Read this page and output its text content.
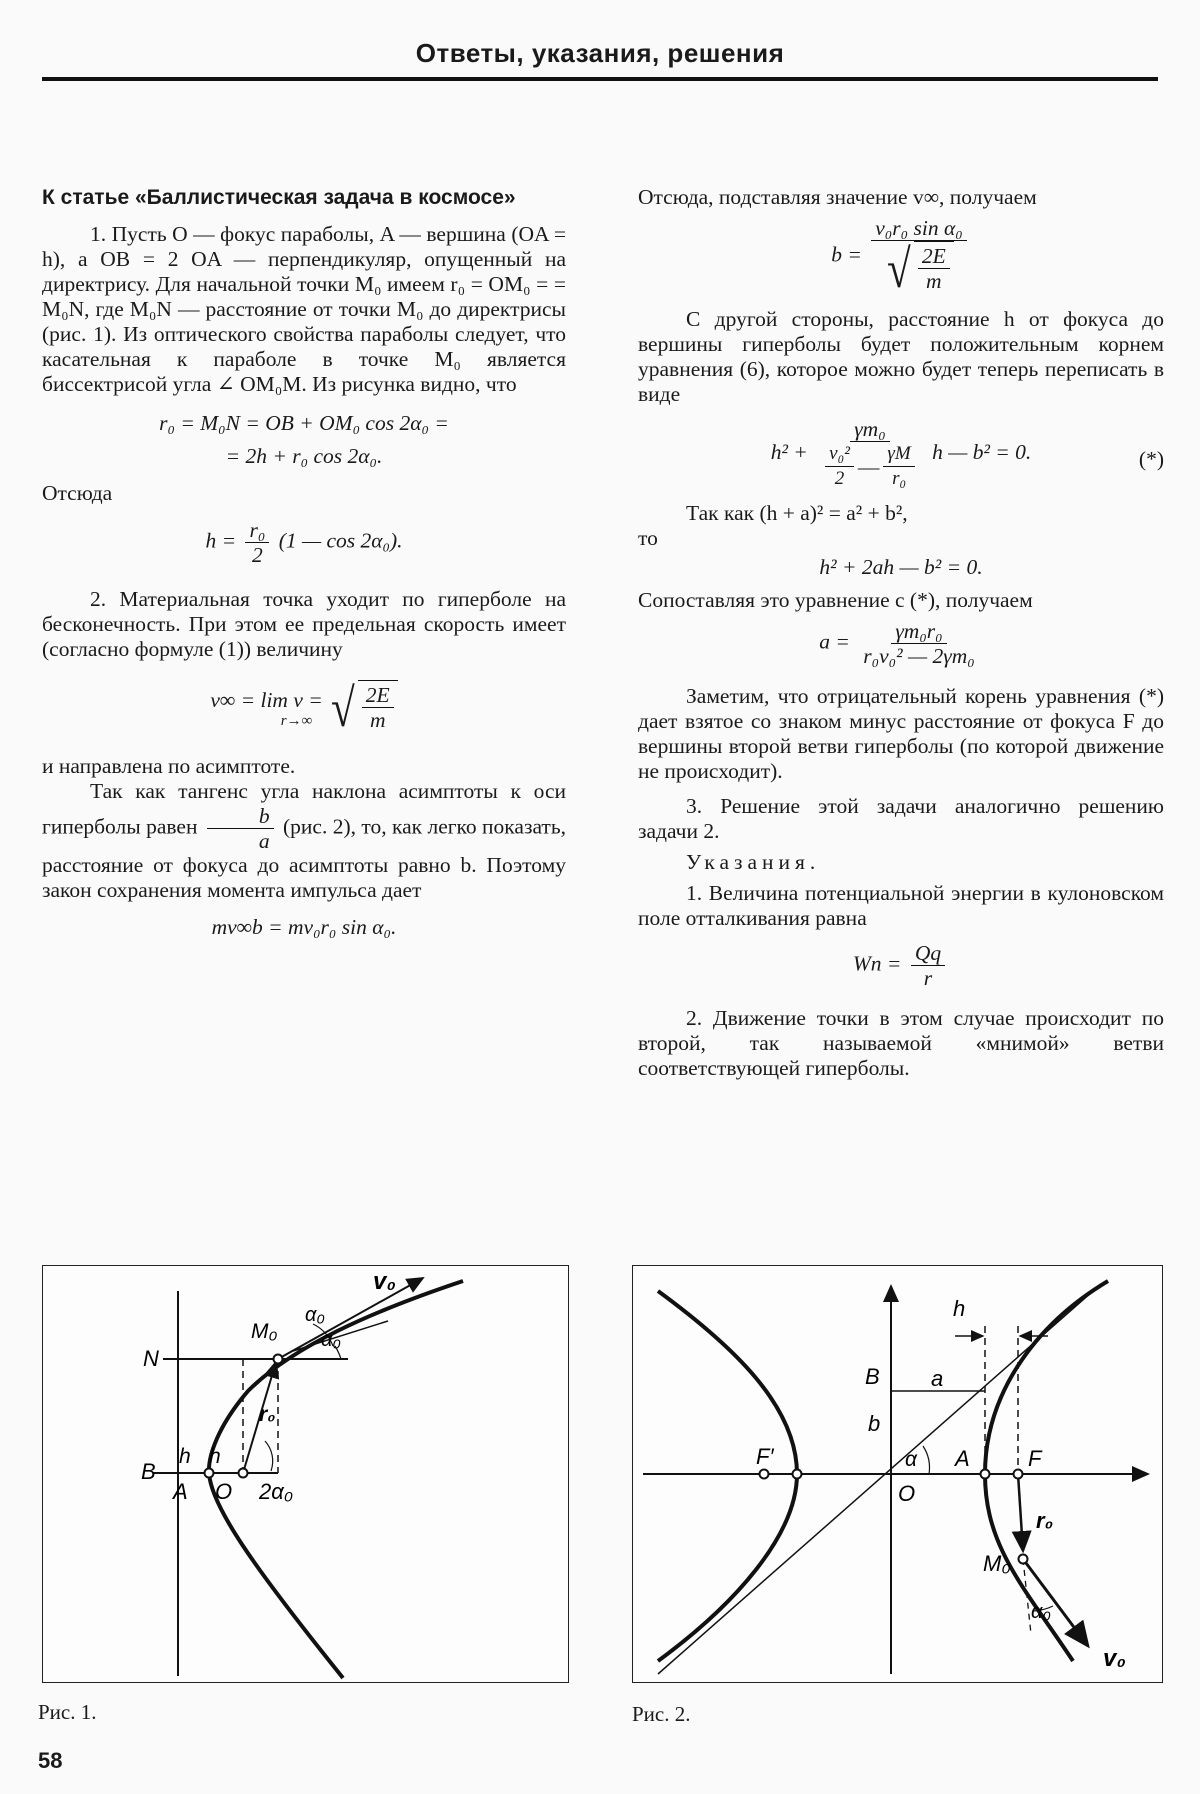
Ответы, указания, решения
К статье «Баллистическая задача в космосе»

1. Пусть O — фокус параболы, A — вершина (OA = h), а OB = 2 OA — перпендикуляр, опущенный на директрису. Для начальной точки M₀ имеем r₀ = OM₀ = = M₀N, где M₀N — расстояние от точки M₀ до директрисы (рис. 1). Из оптического свойства параболы следует, что касательная к параболе в точке M₀ является биссектрисой угла ∠ OM₀M. Из рисунка видно, что

r₀ = M₀N = OB + OM₀ cos 2α₀ =
= 2h + r₀ cos 2α₀.

Отсюда

$h = \frac{\text{r₀}}{2} (1$ — cos 2α₀).

2. Материальная точка уходит по гиперболе на бесконечность. При этом ее предельная скорость имеет (согласно формуле (1)) величину

v∞ = lim v =
r→∞
√ $\frac{2E}{m}$

и направлена по асимптоте.

Так как тангенс угла наклона асимптоты к оси гиперболы равен $\frac{b}{a} (рис$. 2), то, как легко показать, расстояние от фокуса до асимптоты равно b. Поэтому закон сохранения момента импульса дает

mv∞b = mv₀r₀ sin α₀.

Отсюда, подставляя значение v∞, получаем

$b = \frac{\text{v₀r₀ sin α₀}}{√ \frac{2E}{m}}$

С другой стороны, расстояние h от фокуса до вершины гиперболы будет положительным корнем уравнения (6), которое можно будет теперь переписать в виде

h² +
γm₀
$\frac{\text{v₀²}}{2}$ — $\frac{\gamma M}{\text{r₀}}$ h — b² = 0.	(*)

Так как (h + a)² = a² + b²,

то

h² + 2ah — b² = 0.

Сопоставляя это уравнение с (*), получаем

$a = \frac{\text{γm₀r₀}}{\text{r₀v₀² — 2γm₀}}$

Заметим, что отрицательный корень уравнения (*) дает взятое со знаком минус расстояние от фокуса F до вершины второй ветви гиперболы (по которой движение не происходит).

3. Решение этой задачи аналогично решению задачи 2.

Указания.

1. Величина потенциальной энергии в кулоновском поле отталкивания равна

Wп = $\frac{Qq}{r}$

2. Движение точки в этом случае происходит по второй, так называемой «мнимой» ветви соответствующей гиперболы.

v₀
α₀
α₀
M₀
N
r₀
h h
B
A O 2α₀
h
B a
b
F′	α A	F
O
r₀
M₀
α₀
v₀
Рис. 1.	Рис. 2.
58
